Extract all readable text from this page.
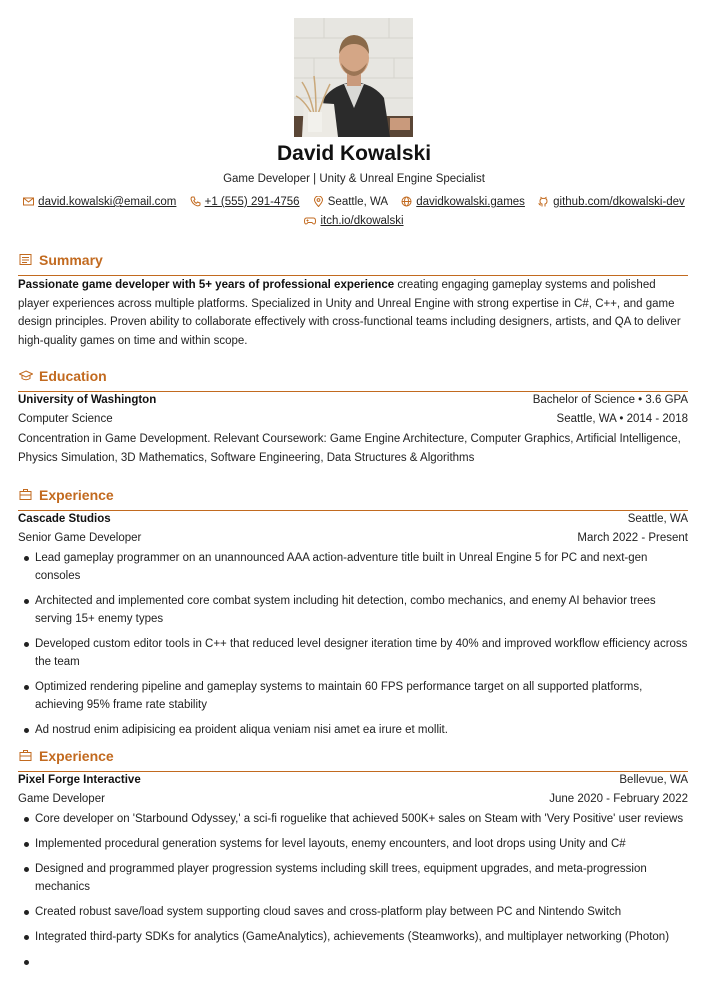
David Kowalski
Game Developer | Unity & Unreal Engine Specialist
david.kowalski@email.com +1 (555) 291-4756 Seattle, WA davidkowalski.games github.com/dkowalski-dev
itch.io/dkowalski
Summary
Passionate game developer with 5+ years of professional experience creating engaging gameplay systems and polished player experiences across multiple platforms. Specialized in Unity and Unreal Engine with strong expertise in C#, C++, and game design principles. Proven ability to collaborate effectively with cross-functional teams including designers, artists, and QA to deliver high-quality games on time and within scope.
Education
University of Washington	Bachelor of Science • 3.6 GPA
Computer Science	Seattle, WA • 2014 - 2018
Concentration in Game Development. Relevant Coursework: Game Engine Architecture, Computer Graphics, Artificial Intelligence, Physics Simulation, 3D Mathematics, Software Engineering, Data Structures & Algorithms
Experience
Cascade Studios	Seattle, WA
Senior Game Developer	March 2022 - Present
Lead gameplay programmer on an unannounced AAA action-adventure title built in Unreal Engine 5 for PC and next-gen consoles
Architected and implemented core combat system including hit detection, combo mechanics, and enemy AI behavior trees serving 15+ enemy types
Developed custom editor tools in C++ that reduced level designer iteration time by 40% and improved workflow efficiency across the team
Optimized rendering pipeline and gameplay systems to maintain 60 FPS performance target on all supported platforms, achieving 95% frame rate stability
Ad nostrud enim adipisicing ea proident aliqua veniam nisi amet ea irure et mollit.
Experience
Pixel Forge Interactive	Bellevue, WA
Game Developer	June 2020 - February 2022
Core developer on 'Starbound Odyssey,' a sci-fi roguelike that achieved 500K+ sales on Steam with 'Very Positive' user reviews
Implemented procedural generation systems for level layouts, enemy encounters, and loot drops using Unity and C#
Designed and programmed player progression systems including skill trees, equipment upgrades, and meta-progression mechanics
Created robust save/load system supporting cloud saves and cross-platform play between PC and Nintendo Switch
Integrated third-party SDKs for analytics (GameAnalytics), achievements (Steamworks), and multiplayer networking (Photon)
